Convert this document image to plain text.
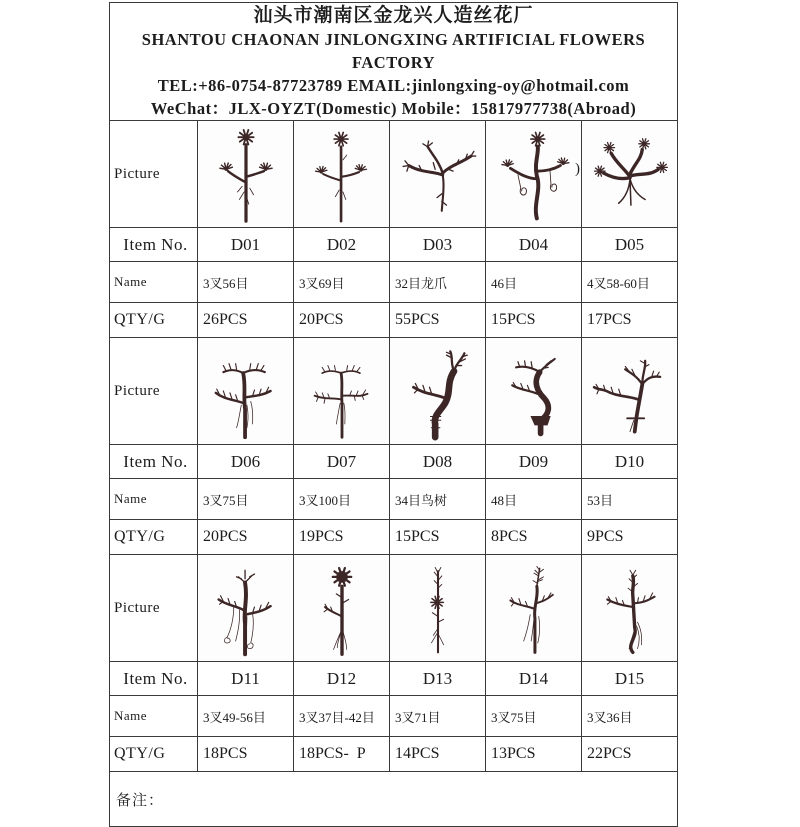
汕头市潮南区金龙兴人造丝花厂
SHANTOU CHAONAN JINLONGXING ARTIFICIAL FLOWERS FACTORY
TEL:+86-0754-87723789 EMAIL:jinlongxing-oy@hotmail.com
WeChat：JLX-OYZT(Domestic) Mobile：15817977738(Abroad)					

Picture				)

Item No.	D01	D02	D03	D04	D05
Name	3叉56目	3叉69目	32目龙爪	46目	4叉58-60目
QTY/G	26PCS	20PCS	55PCS	15PCS	17PCS
Picture	

Item No.	D06	D07	D08	D09	D10
Name	3叉75目	3叉100目	34目鸟树	48目	53目
QTY/G	20PCS	19PCS	15PCS	8PCS	9PCS
Picture	

Item No.	D11	D12	D13	D14	D15
Name	3叉49-56目	3叉37目-42目	3叉71目	3叉75目	3叉36目
QTY/G	18PCS	18PCS-  P	14PCS	13PCS	22PCS
备注：					
